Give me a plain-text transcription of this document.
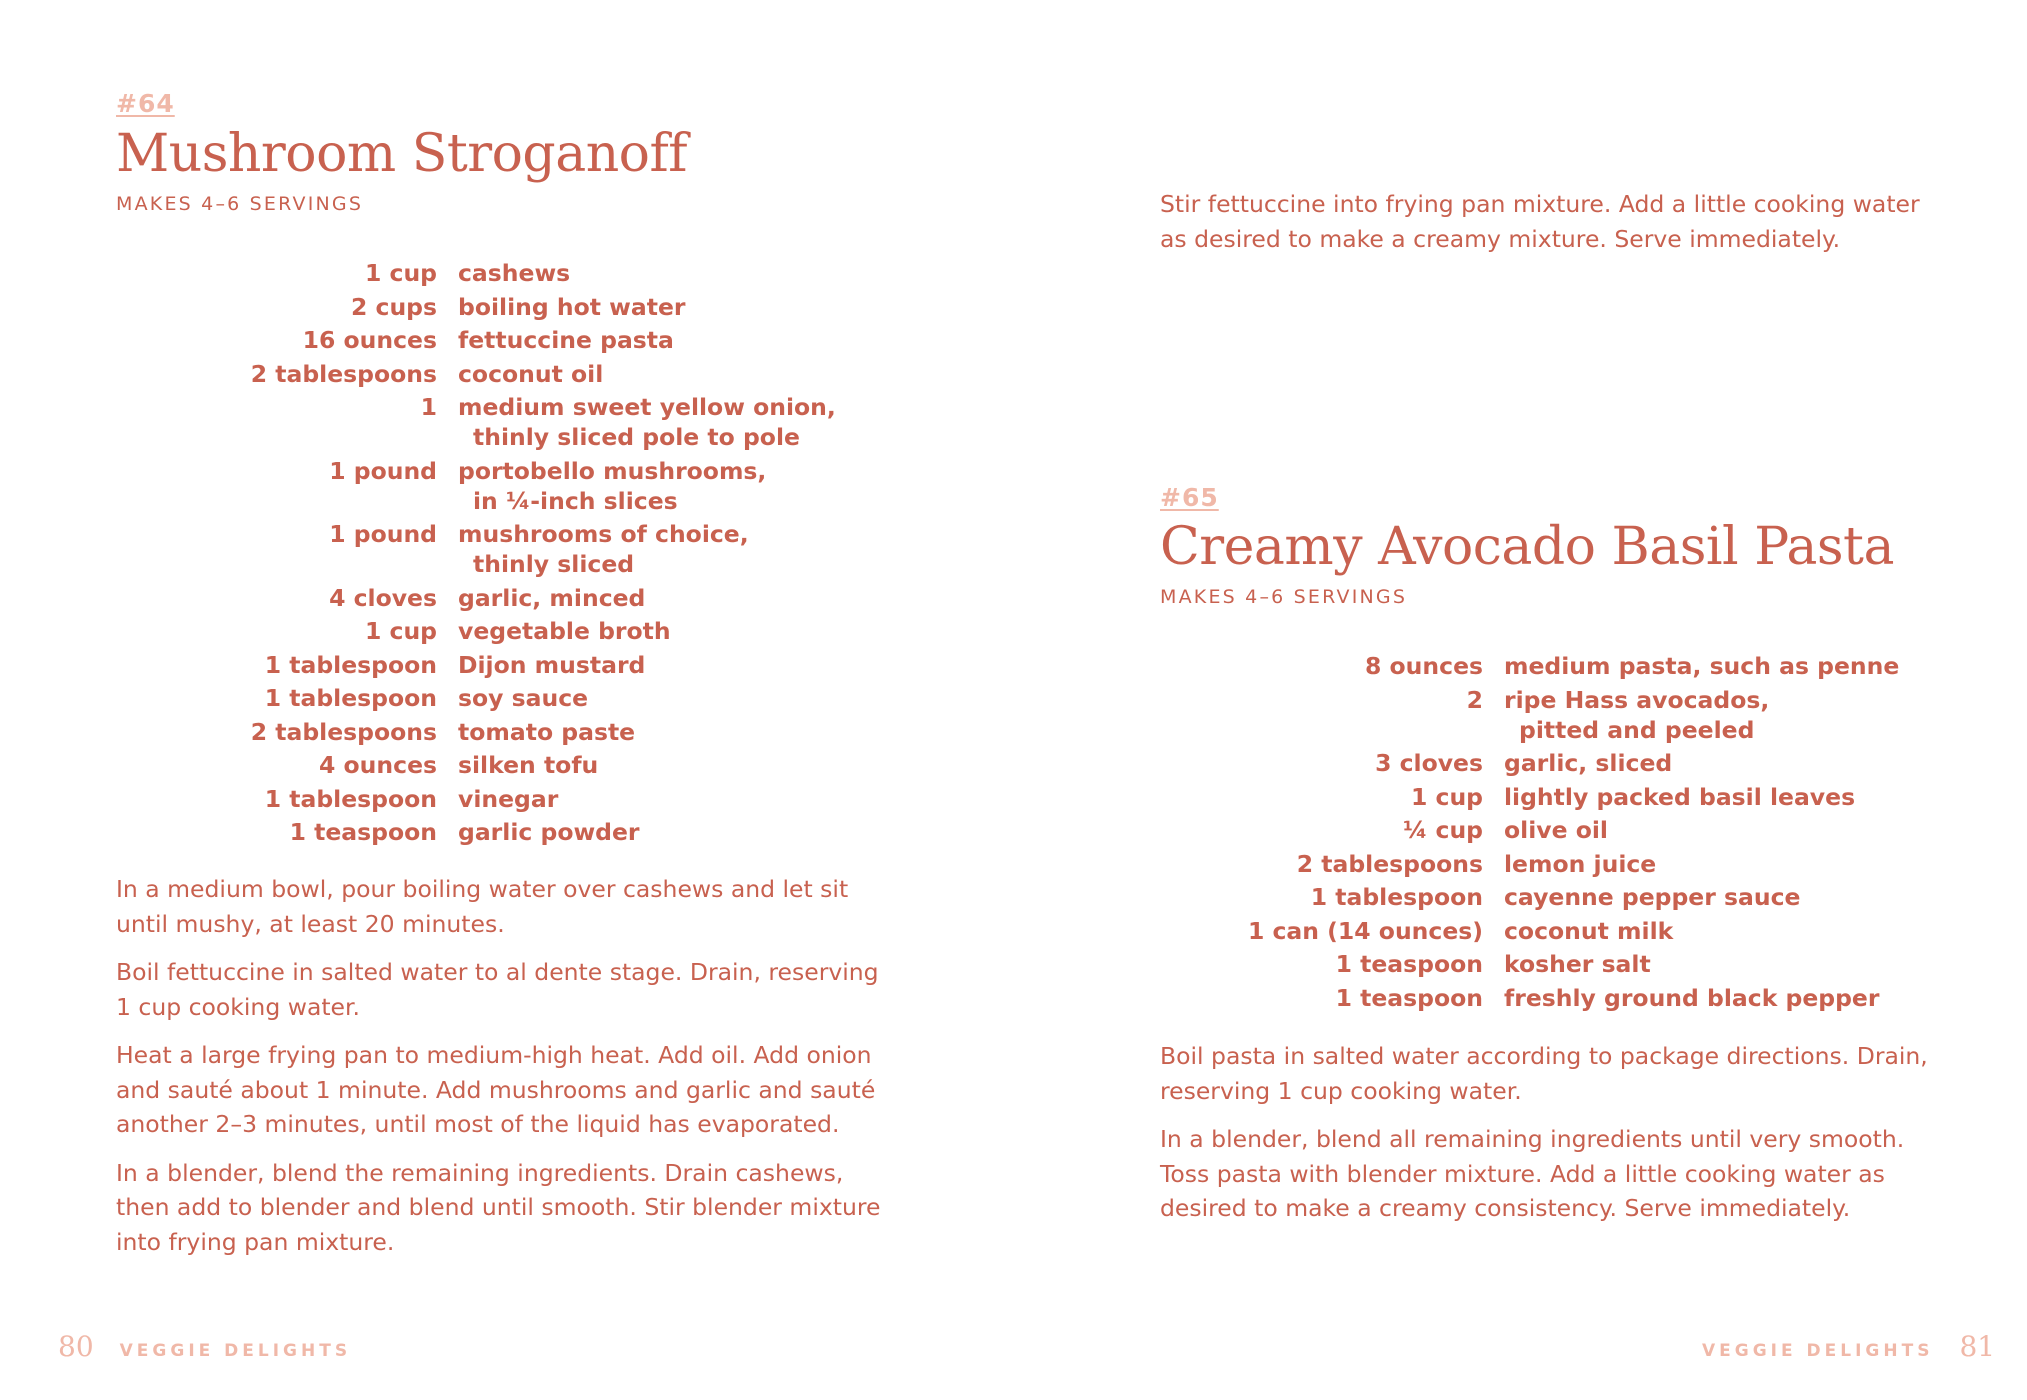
#64
Mushroom Stroganoff
MAKES 4–6 SERVINGS
1 cup cashews
2 cups boiling hot water
16 ounces fettuccine pasta
2 tablespoons coconut oil
1 medium sweet yellow onion,
thinly sliced pole to pole
1 pound portobello mushrooms,
in ¼-inch slices
1 pound mushrooms of choice,
thinly sliced
4 cloves garlic, minced
1 cup vegetable broth
1 tablespoon Dijon mustard
1 tablespoon soy sauce
2 tablespoons tomato paste
4 ounces silken tofu
1 tablespoon vinegar
1 teaspoon garlic powder

In a medium bowl, pour boiling water over cashews and let sit until mushy, at least 20 minutes.

Boil fettuccine in salted water to al dente stage. Drain, reserving 1 cup cooking water.

Heat a large frying pan to medium-high heat. Add oil. Add onion and sauté about 1 minute. Add mushrooms and garlic and sauté another 2–3 minutes, until most of the liquid has evaporated.

In a blender, blend the remaining ingredients. Drain cashews, then add to blender and blend until smooth. Stir blender mixture into frying pan mixture.

80 VEGGIE DELIGHTS

Stir fettuccine into frying pan mixture. Add a little cooking water as desired to make a creamy mixture. Serve immediately.

#65
Creamy Avocado Basil Pasta
MAKES 4–6 SERVINGS
8 ounces medium pasta, such as penne
2 ripe Hass avocados,
pitted and peeled
3 cloves garlic, sliced
1 cup lightly packed basil leaves
¼ cup olive oil
2 tablespoons lemon juice
1 tablespoon cayenne pepper sauce
1 can (14 ounces) coconut milk
1 teaspoon kosher salt
1 teaspoon freshly ground black pepper

Boil pasta in salted water according to package directions. Drain, reserving 1 cup cooking water.

In a blender, blend all remaining ingredients until very smooth. Toss pasta with blender mixture. Add a little cooking water as desired to make a creamy consistency. Serve immediately.

VEGGIE DELIGHTS 81
